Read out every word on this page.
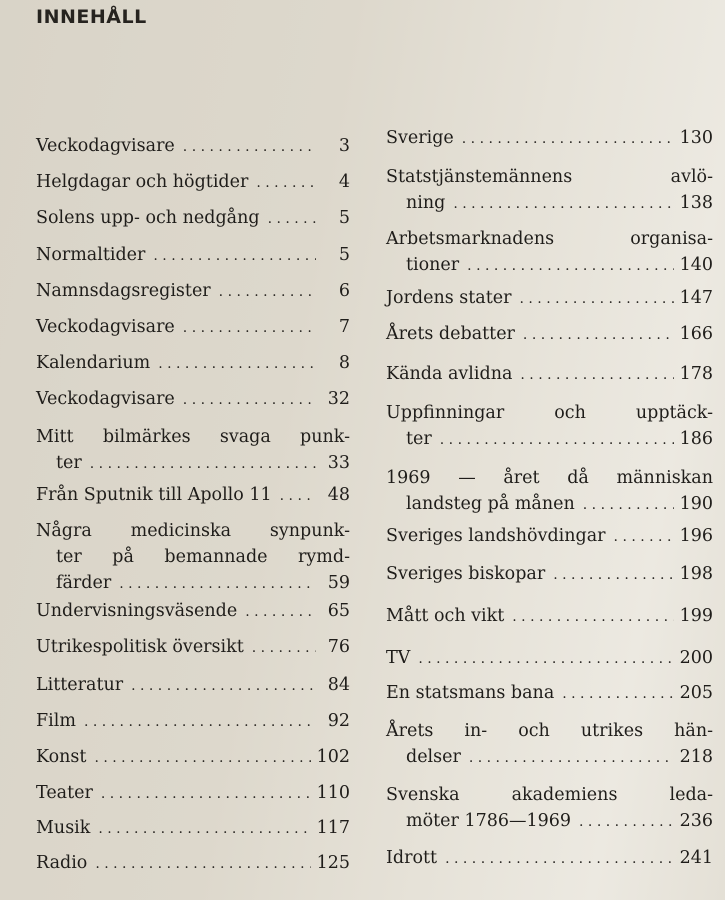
INNEHÅLL
Veckodagvisare . . .	3
Helgdagar och högtider . . .	4
Solens upp- och nedgång . . .	5
Normaltider . . .	5
Namnsdagsregister . . .	6
Veckodagvisare . . .	7
Kalendarium . . .	8
Veckodagvisare . . .	32
Mitt bilmärkes svaga punk-
ter . . .	33
Från Sputnik till Apollo 11 . . .	48
Några medicinska synpunk-
ter på bemannade rymd-
färder . . .	59
Undervisningsväsende . . .	65
Utrikespolitisk översikt . . .	76
Litteratur . . .	84
Film . . .	92
Konst . . .	102
Teater . . .	110
Musik . . .	117
Radio . . .	125
Sverige . . .	130
Statstjänstemännens avlö-
ning . . .	138
Arbetsmarknadens organisa-
tioner . . .	140
Jordens stater . . .	147
Årets debatter . . .	166
Kända avlidna . . .	178
Uppfinningar och upptäck-
ter . . .	186
1969 — året då människan
landsteg på månen . . .	190
Sveriges landshövdingar . . .	196
Sveriges biskopar . . .	198
Mått och vikt . . .	199
TV . . .	200
En statsmans bana . . .	205
Årets in- och utrikes hän-
delser . . .	218
Svenska akademiens leda-
möter 1786—1969 . . .	236
Idrott . . .	241
